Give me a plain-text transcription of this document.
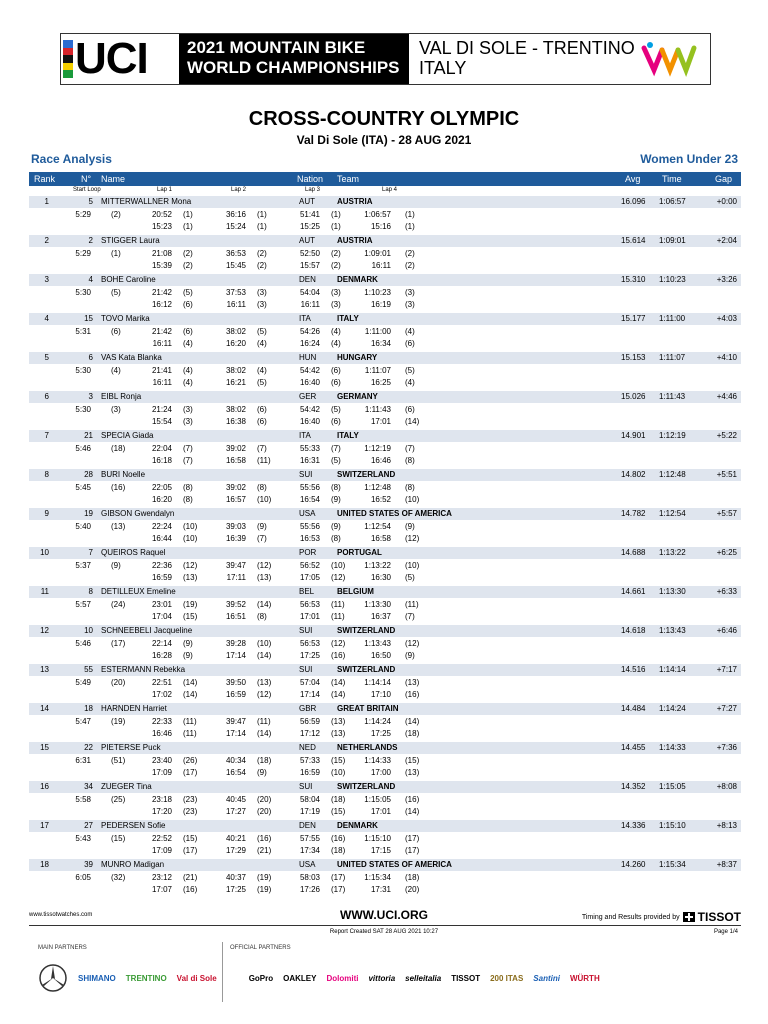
UCI 2021 MOUNTAIN BIKE
WORLD CHAMPIONSHIPS
VAL DI SOLE - TRENTINO
ITALY
CROSS-COUNTRY OLYMPIC
Val Di Sole (ITA) - 28 AUG 2021
Race Analysis	Women Under 23
Rank	N° Name	Nation Team	Avg Time	Gap
Start Loop	Lap 1	Lap 2	Lap 3	Lap 4
1	5 MITTERWALLNER Mona	AUT	AUSTRIA	16.096 1:06:57	+0:00
5:29	(2)	20:52 (1)	36:16 (1)	51:41 (1)	1:06:57 (1)
15:23 (1)	15:24 (1)	15:25 (1)	15:16 (1)
2	2 STIGGER Laura	AUT	AUSTRIA	15.614 1:09:01	+2:04
5:29	(1)	21:08 (2)	36:53 (2)	52:50 (2)	1:09:01 (2)
15:39 (2)	15:45 (2)	15:57 (2)	16:11 (2)
3	4 BOHE Caroline	DEN	DENMARK	15.310 1:10:23	+3:26
5:30	(5)	21:42 (5)	37:53 (3)	54:04 (3)	1:10:23 (3)
16:12 (6)	16:11 (3)	16:11 (3)	16:19 (3)
4	15 TOVO Marika	ITA	ITALY	15.177 1:11:00	+4:03
5:31	(6)	21:42 (6)	38:02 (5)	54:26 (4)	1:11:00 (4)
16:11 (4)	16:20 (4)	16:24 (4)	16:34 (6)
5	6 VAS Kata Blanka	HUN	HUNGARY	15.153 1:11:07	+4:10
5:30	(4)	21:41 (4)	38:02 (4)	54:42 (6)	1:11:07 (5)
16:11 (4)	16:21 (5)	16:40 (6)	16:25 (4)
6	3 EIBL Ronja	GER	GERMANY	15.026 1:11:43	+4:46
5:30	(3)	21:24 (3)	38:02 (6)	54:42 (5)	1:11:43 (6)
15:54 (3)	16:38 (6)	16:40 (6)	17:01 (14)
7	21 SPECIA Giada	ITA	ITALY	14.901 1:12:19	+5:22
5:46	(18)	22:04 (7)	39:02 (7)	55:33 (7)	1:12:19 (7)
16:18 (7)	16:58 (11)	16:31 (5)	16:46 (8)
8	28 BURI Noelle	SUI	SWITZERLAND	14.802 1:12:48	+5:51
5:45	(16)	22:05 (8)	39:02 (8)	55:56 (8)	1:12:48 (8)
16:20 (8)	16:57 (10)	16:54 (9)	16:52 (10)
9	19 GIBSON Gwendalyn	USA	UNITED STATES OF AMERICA	14.782 1:12:54	+5:57
5:40	(13)	22:24 (10)	39:03 (9)	55:56 (9)	1:12:54 (9)
16:44 (10)	16:39 (7)	16:53 (8)	16:58 (12)
10	7 QUEIROS Raquel	POR	PORTUGAL	14.688 1:13:22	+6:25
5:37	(9)	22:36 (12)	39:47 (12)	56:52 (10) 1:13:22 (10)
16:59 (13)	17:11 (13)	17:05 (12)	16:30 (5)
11	8 DETILLEUX Emeline	BEL	BELGIUM	14.661 1:13:30	+6:33
5:57	(24)	23:01 (19)	39:52 (14)	56:53 (11) 1:13:30 (11)
17:04 (15)	16:51 (8)	17:01 (11)	16:37 (7)
12	10 SCHNEEBELI Jacqueline	SUI	SWITZERLAND	14.618 1:13:43	+6:46
5:46	(17)	22:14 (9)	39:28 (10)	56:53 (12) 1:13:43 (12)
16:28 (9)	17:14 (14)	17:25 (16)	16:50 (9)
13	55 ESTERMANN Rebekka	SUI	SWITZERLAND	14.516 1:14:14	+7:17
5:49	(20)	22:51 (14)	39:50 (13)	57:04 (14) 1:14:14 (13)
17:02 (14)	16:59 (12)	17:14 (14)	17:10 (16)
14	18 HARNDEN Harriet	GBR	GREAT BRITAIN	14.484 1:14:24	+7:27
5:47	(19)	22:33 (11)	39:47 (11)	56:59 (13) 1:14:24 (14)
16:46 (11)	17:14 (14)	17:12 (13)	17:25 (18)
15	22 PIETERSE Puck	NED	NETHERLANDS	14.455 1:14:33	+7:36
6:31	(51)	23:40 (26)	40:34 (18)	57:33 (15) 1:14:33 (15)
17:09 (17)	16:54 (9)	16:59 (10)	17:00 (13)
16	34 ZUEGER Tina	SUI	SWITZERLAND	14.352 1:15:05	+8:08
5:58	(25)	23:18 (23)	40:45 (20)	58:04 (18) 1:15:05 (16)
17:20 (23)	17:27 (20)	17:19 (15)	17:01 (14)
17	27 PEDERSEN Sofie	DEN	DENMARK	14.336 1:15:10	+8:13
5:43	(15)	22:52 (15)	40:21 (16)	57:55 (16) 1:15:10 (17)
17:09 (17)	17:29 (21)	17:34 (18)	17:15 (17)
18	39 MUNRO Madigan	USA	UNITED STATES OF AMERICA	14.260 1:15:34	+8:37
6:05	(32)	23:12 (21)	40:37 (19)	58:03 (17) 1:15:34 (18)
17:07 (16)	17:25 (19)	17:26 (17)	17:31 (20)
www.tissotwatches.com	WWW.UCI.ORG	Timing and Results provided by TISSOT
Report Created SAT 28 AUG 2021 10:27	Page 1/4
MAIN PARTNERS	OFFICIAL PARTNERS
SHIMANO TRENTINO Val di Sole	GoPro OAKLEY Dolomiti vittoria selleitalia TISSOT 200 ITAS Santini WÜRTH
